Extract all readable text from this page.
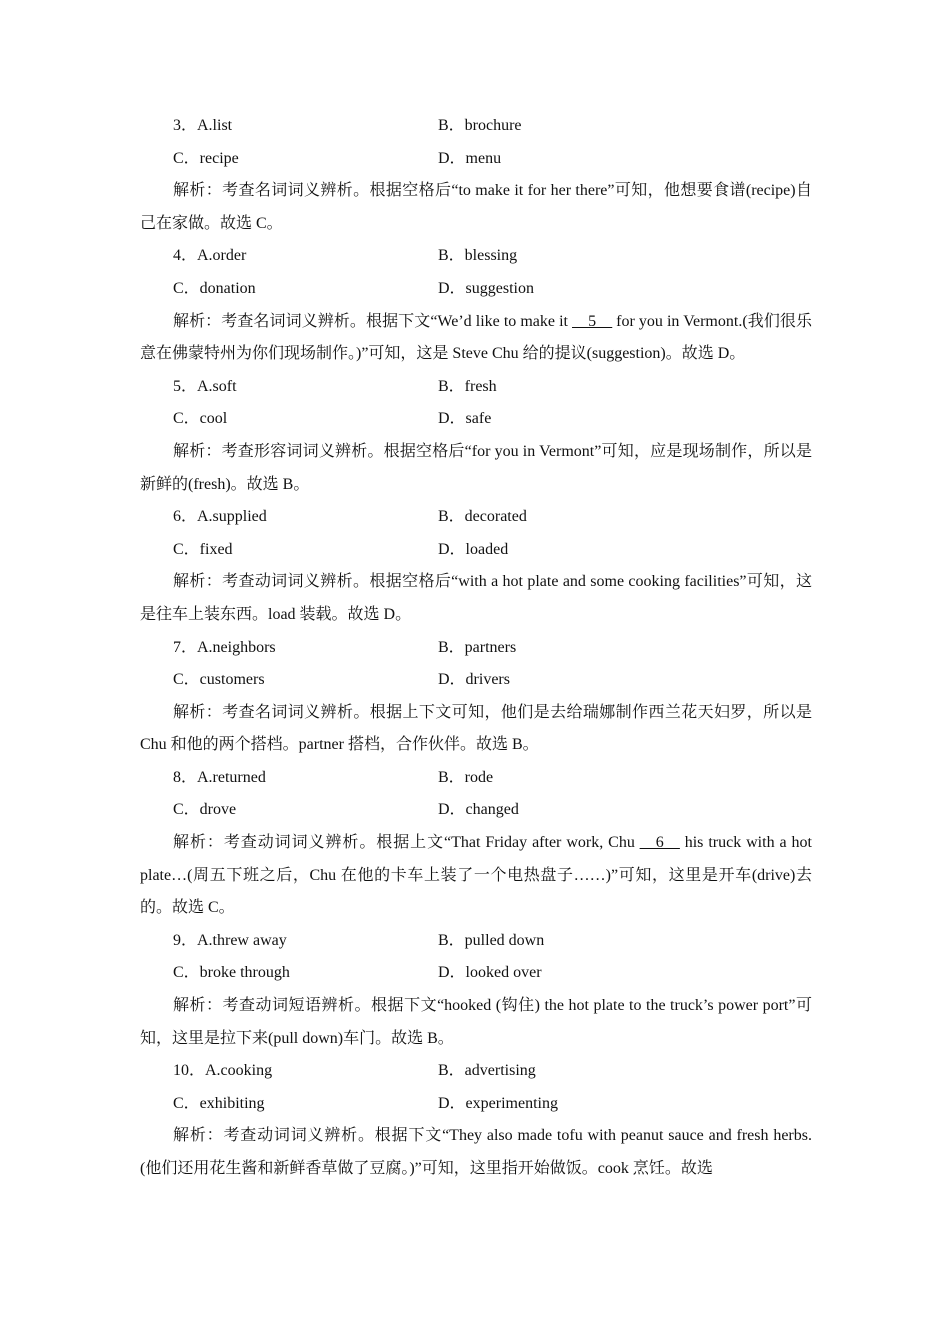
3．A.list	B．brochure
C．recipe	D．menu

解析：考查名词词义辨析。根据空格后“to make it for her there”可知，他想要食谱(recipe)自己在家做。故选 C。

4．A.order	B．blessing
C．donation	D．suggestion

解析：考查名词词义辨析。根据下文“We’d like to make it __5__ for you in Vermont.(我们很乐意在佛蒙特州为你们现场制作。)”可知，这是 Steve Chu 给的提议(suggestion)。故选 D。

5．A.soft	B．fresh
C．cool	D．safe

解析：考查形容词词义辨析。根据空格后“for you in Vermont”可知，应是现场制作，所以是新鲜的(fresh)。故选 B。

6．A.supplied	B．decorated
C．fixed	D．loaded

解析：考查动词词义辨析。根据空格后“with a hot plate and some cooking facilities”可知，这是往车上装东西。load 装载。故选 D。

7．A.neighbors	B．partners
C．customers	D．drivers

解析：考查名词词义辨析。根据上下文可知，他们是去给瑞娜制作西兰花天妇罗，所以是 Chu 和他的两个搭档。partner 搭档，合作伙伴。故选 B。

8．A.returned	B．rode
C．drove	D．changed

解析：考查动词词义辨析。根据上文“That Friday after work, Chu __6__ his truck with a hot plate…(周五下班之后，Chu 在他的卡车上装了一个电热盘子……)”可知，这里是开车(drive)去的。故选 C。

9．A.threw away	B．pulled down
C．broke through	D．looked over

解析：考查动词短语辨析。根据下文“hooked (钩住) the hot plate to the truck’s power port”可知，这里是拉下来(pull down)车门。故选 B。

10．A.cooking	B．advertising
C．exhibiting	D．experimenting

解析：考查动词词义辨析。根据下文“They also made tofu with peanut sauce and fresh herbs.(他们还用花生酱和新鲜香草做了豆腐。)”可知，这里指开始做饭。cook 烹饪。故选
